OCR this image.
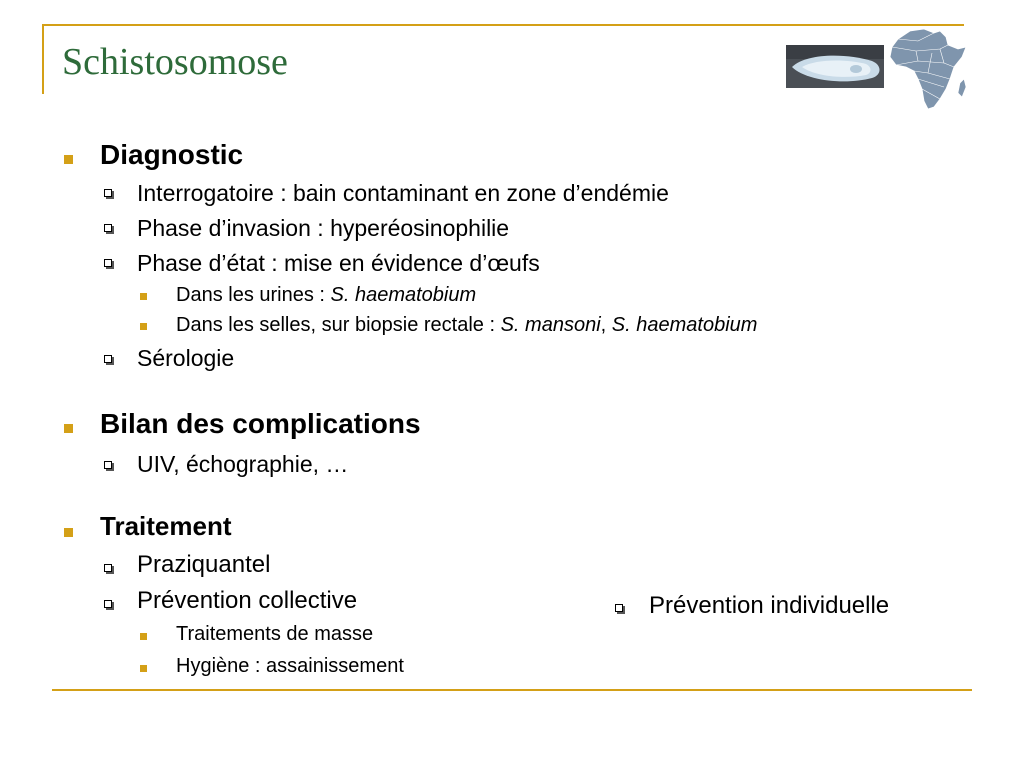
Schistosomose
Diagnostic
Interrogatoire : bain contaminant en zone d’endémie
Phase d’invasion : hyperéosinophilie
Phase d’état : mise en évidence d’œufs
Dans les urines : S. haematobium
Dans les selles, sur biopsie rectale : S. mansoni, S. haematobium
Sérologie
Bilan des complications
UIV, échographie, …
Traitement
Praziquantel
Prévention collective
Traitements de masse
Hygiène : assainissement
Prévention individuelle
